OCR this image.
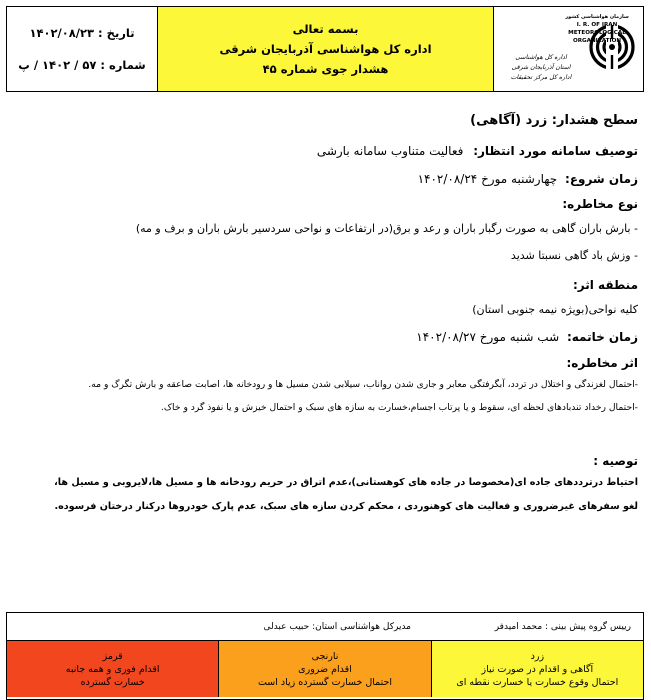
تاریخ : ۱۴۰۲/۰۸/۲۳
شماره : ۵۷ / ۱۴۰۲ / پ
بسمه تعالی
اداره کل هواشناسی آذربایجان شرقی
هشدار جوی شماره ۴۵
سازمان هواشناسی کشور
I. R. OF IRAN
METEOROLOGICAL
ORGANIZATION
اداره کل هواشناسی
استان آذربایجان شرقی
اداره کل مرکز تحقیقات
سطح هشدار: زرد (آگاهی)
توصیف سامانه مورد انتظار: فعالیت متناوب سامانه بارشی
زمان شروع: چهارشنبه مورخ ۱۴۰۲/۰۸/۲۴
نوع مخاطره:
- بارش باران گاهی به صورت رگبار باران و رعد و برق(در ارتفاعات و نواحی سردسیر بارش باران و برف و مه)
- وزش باد گاهی نسبتا شدید
منطقه اثر:
کلیه نواحی(بویژه نیمه جنوبی استان)
زمان خاتمه: شب شنبه مورخ ۱۴۰۲/۰۸/۲۷
اثر مخاطره:
-احتمال لغزندگی و اختلال در تردد، آبگرفتگی معابر و جاری شدن رواناب، سیلابی شدن مسیل ها و رودخانه ها، اصابت صاعقه و بارش تگرگ و مه.
-احتمال رخداد تندبادهای لحظه ای، سقوط و یا پرتاب اجسام،خسارت به سازه های سبک و احتمال خیزش و یا نفوذ گرد و خاک.
توصیه :
احتیاط درترددهای جاده ای(مخصوصا در جاده های کوهستانی)،عدم اتراق در حریم رودخانه ها و مسیل ها،لایروبی و مسیل ها،
لغو سفرهای غیرضروری و فعالیت های کوهنوردی ، محکم کردن سازه های سبک، عدم پارک خودروها درکنار درختان فرسوده.
رییس گروه پیش بینی : محمد امیدفر
مدیرکل هواشناسی استان: حبیب عبدلی
قرمز
اقدام فوری و همه جانبه
خسارت گسترده
نارنجی
اقدام ضروری
احتمال خسارت گسترده زیاد است
زرد
آگاهی و اقدام در صورت نیاز
احتمال وقوع خسارت یا خسارت نقطه ای
